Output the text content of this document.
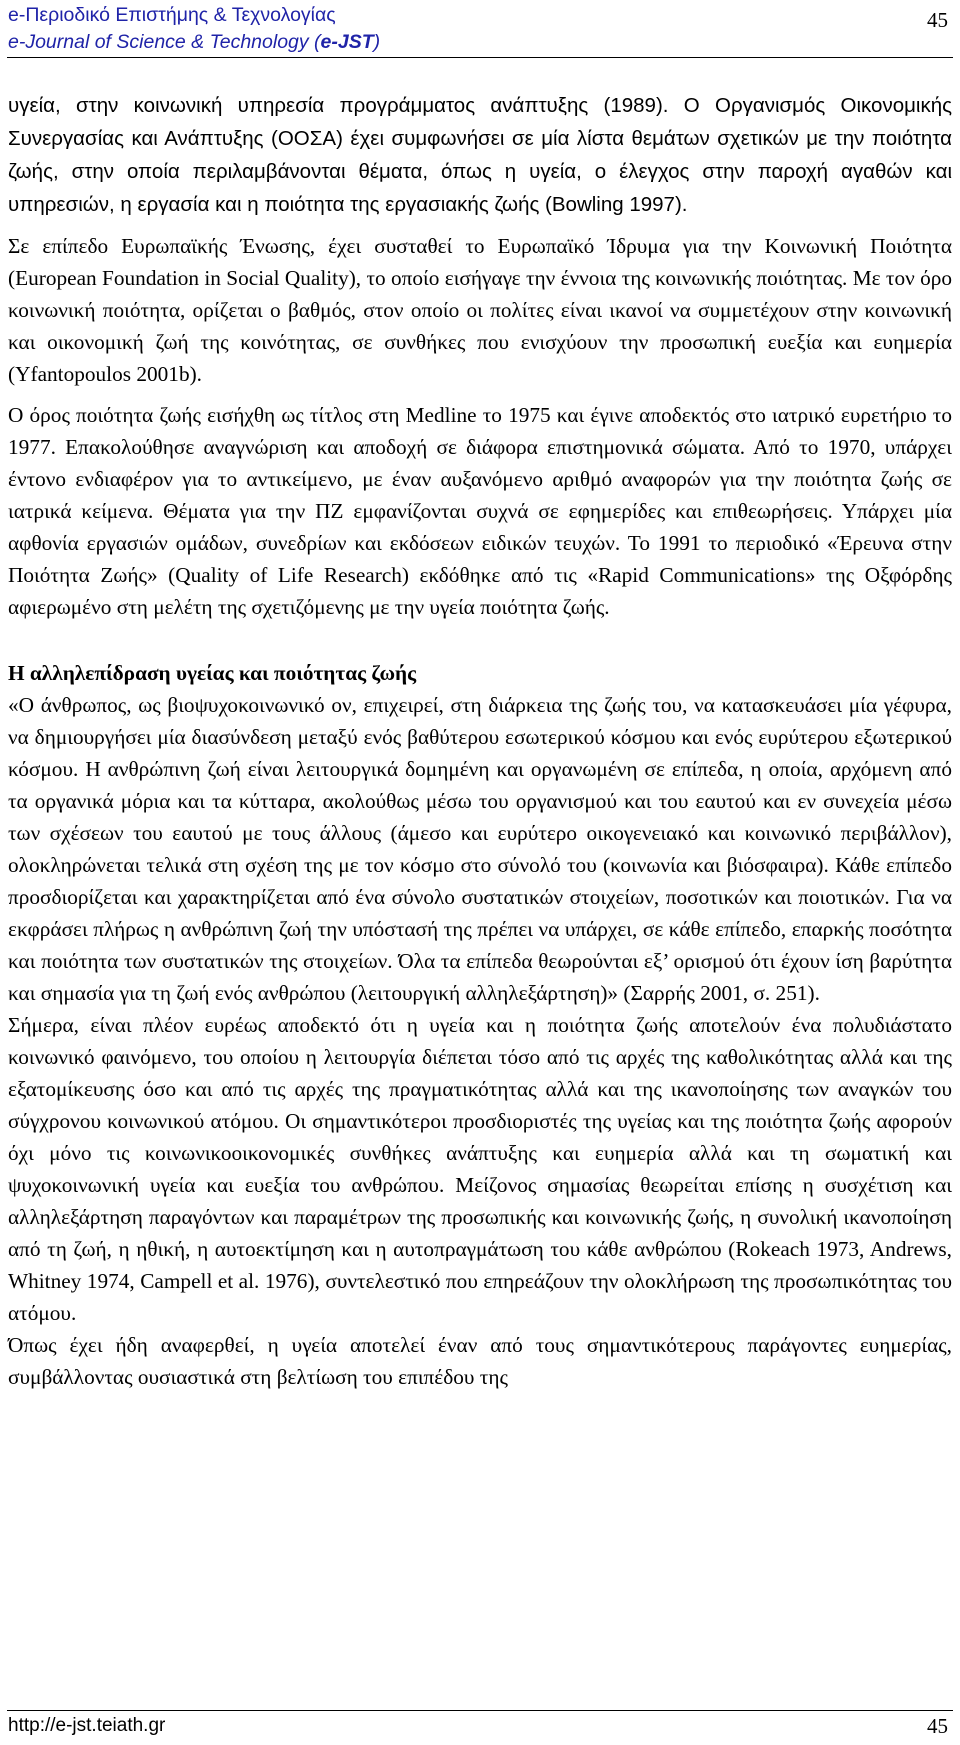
e-Περιοδικό Επιστήμης & Τεχνολογίας
e-Journal of Science & Technology (e-JST)
45

υγεία, στην κοινωνική υπηρεσία προγράμματος ανάπτυξης (1989). Ο Οργανισμός Οικονομικής Συνεργασίας και Ανάπτυξης (ΟΟΣΑ) έχει συμφωνήσει σε μία λίστα θεμάτων σχετικών με την ποιότητα ζωής, στην οποία περιλαμβάνονται θέματα, όπως η υγεία, ο έλεγχος στην παροχή αγαθών και υπηρεσιών, η εργασία και η ποιότητα της εργασιακής ζωής (Bowling 1997).

Σε επίπεδο Ευρωπαϊκής Ένωσης, έχει συσταθεί το Ευρωπαϊκό Ίδρυμα για την Κοινωνική Ποιότητα (European Foundation in Social Quality), το οποίο εισήγαγε την έννοια της κοινωνικής ποιότητας. Με τον όρο κοινωνική ποιότητα, ορίζεται ο βαθμός, στον οποίο οι πολίτες είναι ικανοί να συμμετέχουν στην κοινωνική και οικονομική ζωή της κοινότητας, σε συνθήκες που ενισχύουν την προσωπική ευεξία και ευημερία (Yfantopoulos 2001b).

Ο όρος ποιότητα ζωής εισήχθη ως τίτλος στη Medline το 1975 και έγινε αποδεκτός στο ιατρικό ευρετήριο το 1977. Επακολούθησε αναγνώριση και αποδοχή σε διάφορα επιστημονικά σώματα. Από το 1970, υπάρχει έντονο ενδιαφέρον για το αντικείμενο, με έναν αυξανόμενο αριθμό αναφορών για την ποιότητα ζωής σε ιατρικά κείμενα. Θέματα για την ΠΖ εμφανίζονται συχνά σε εφημερίδες και επιθεωρήσεις. Υπάρχει μία αφθονία εργασιών ομάδων, συνεδρίων και εκδόσεων ειδικών τευχών. Το 1991 το περιοδικό «Έρευνα στην Ποιότητα Ζωής» (Quality of Life Research) εκδόθηκε από τις «Rapid Communications» της Οξφόρδης αφιερωμένο στη μελέτη της σχετιζόμενης με την υγεία ποιότητα ζωής.

Η αλληλεπίδραση υγείας και ποιότητας ζωής

«Ο άνθρωπος, ως βιοψυχοκοινωνικό ον, επιχειρεί, στη διάρκεια της ζωής του, να κατασκευάσει μία γέφυρα, να δημιουργήσει μία διασύνδεση μεταξύ ενός βαθύτερου εσωτερικού κόσμου και ενός ευρύτερου εξωτερικού κόσμου. Η ανθρώπινη ζωή είναι λειτουργικά δομημένη και οργανωμένη σε επίπεδα, η οποία, αρχόμενη από τα οργανικά μόρια και τα κύτταρα, ακολούθως μέσω του οργανισμού και του εαυτού και εν συνεχεία μέσω των σχέσεων του εαυτού με τους άλλους (άμεσο και ευρύτερο οικογενειακό και κοινωνικό περιβάλλον), ολοκληρώνεται τελικά στη σχέση της με τον κόσμο στο σύνολό του (κοινωνία και βιόσφαιρα). Κάθε επίπεδο προσδιορίζεται και χαρακτηρίζεται από ένα σύνολο συστατικών στοιχείων, ποσοτικών και ποιοτικών. Για να εκφράσει πλήρως η ανθρώπινη ζωή την υπόστασή της πρέπει να υπάρχει, σε κάθε επίπεδο, επαρκής ποσότητα και ποιότητα των συστατικών της στοιχείων. Όλα τα επίπεδα θεωρούνται εξ’ ορισμού ότι έχουν ίση βαρύτητα και σημασία για τη ζωή ενός ανθρώπου (λειτουργική αλληλεξάρτηση)» (Σαρρής 2001, σ. 251).

Σήμερα, είναι πλέον ευρέως αποδεκτό ότι η υγεία και η ποιότητα ζωής αποτελούν ένα πολυδιάστατο κοινωνικό φαινόμενο, του οποίου η λειτουργία διέπεται τόσο από τις αρχές της καθολικότητας αλλά και της εξατομίκευσης όσο και από τις αρχές της πραγματικότητας αλλά και της ικανοποίησης των αναγκών του σύγχρονου κοινωνικού ατόμου. Οι σημαντικότεροι προσδιοριστές της υγείας και της ποιότητα ζωής αφορούν όχι μόνο τις κοινωνικοοικονομικές συνθήκες ανάπτυξης και ευημερία αλλά και τη σωματική και ψυχοκοινωνική υγεία και ευεξία του ανθρώπου. Μείζονος σημασίας θεωρείται επίσης η συσχέτιση και αλληλεξάρτηση παραγόντων και παραμέτρων της προσωπικής και κοινωνικής ζωής, η συνολική ικανοποίηση από τη ζωή, η ηθική, η αυτοεκτίμηση και η αυτοπραγμάτωση του κάθε ανθρώπου (Rokeach 1973, Andrews, Whitney 1974, Campell et al. 1976), συντελεστικό που επηρεάζουν την ολοκλήρωση της προσωπικότητας του ατόμου.

Όπως έχει ήδη αναφερθεί, η υγεία αποτελεί έναν από τους σημαντικότερους παράγοντες ευημερίας, συμβάλλοντας ουσιαστικά στη βελτίωση του επιπέδου της

http://e-jst.teiath.gr	45
